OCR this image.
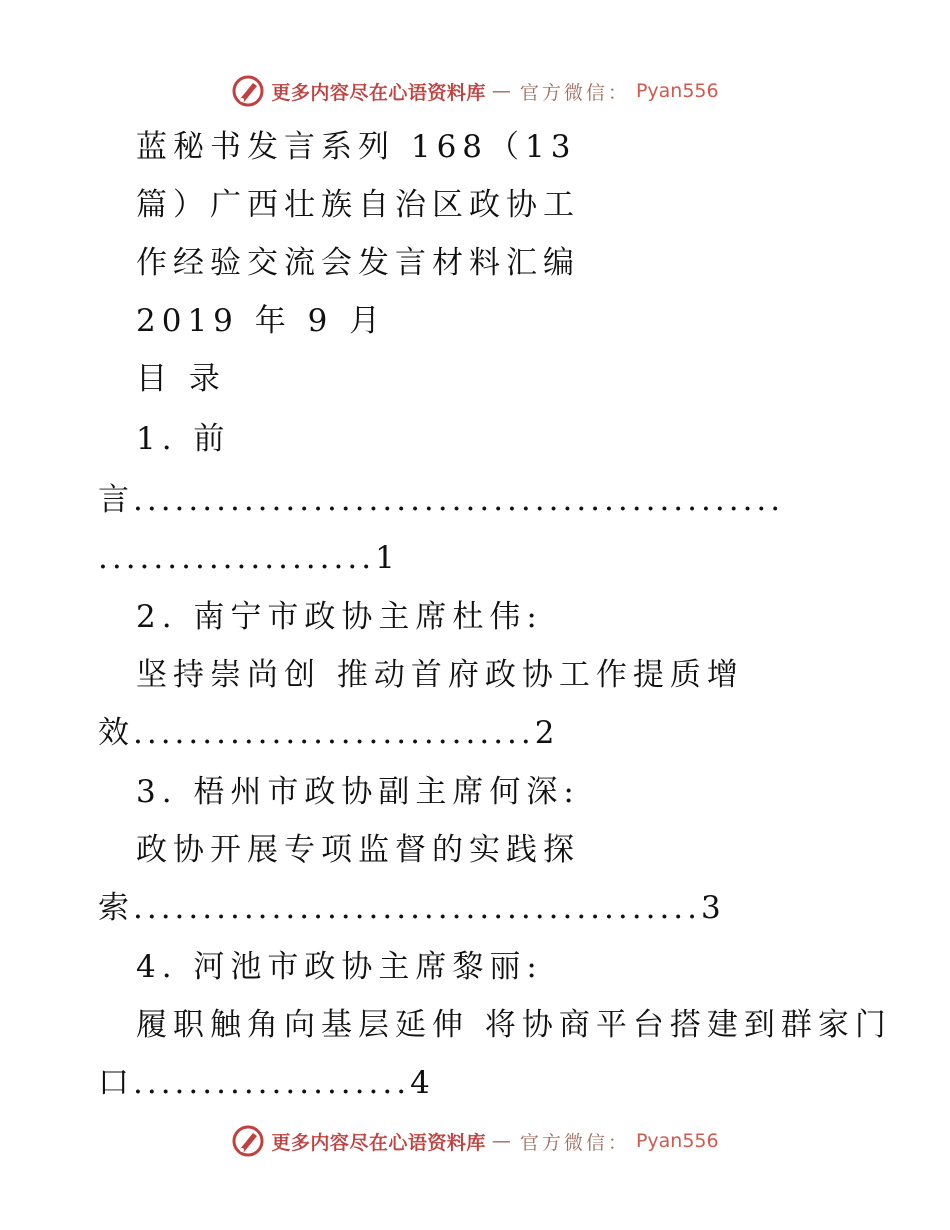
更多内容尽在心语资料库 — 官方微信： Pyan556
蓝秘书发言系列 168（13
篇）广西壮族自治区政协工
作经验交流会发言材料汇编
2019 年 9 月
目 录
1. 前
言...............................................
....................1
2. 南宁市政协主席杜伟:
坚持崇尚创 推动首府政协工作提质增
效.............................2
3. 梧州市政协副主席何深:
政协开展专项监督的实践探
索.........................................3
4. 河池市政协主席黎丽:
履职触角向基层延伸 将协商平台搭建到群家门
口....................4
更多内容尽在心语资料库 — 官方微信： Pyan556
